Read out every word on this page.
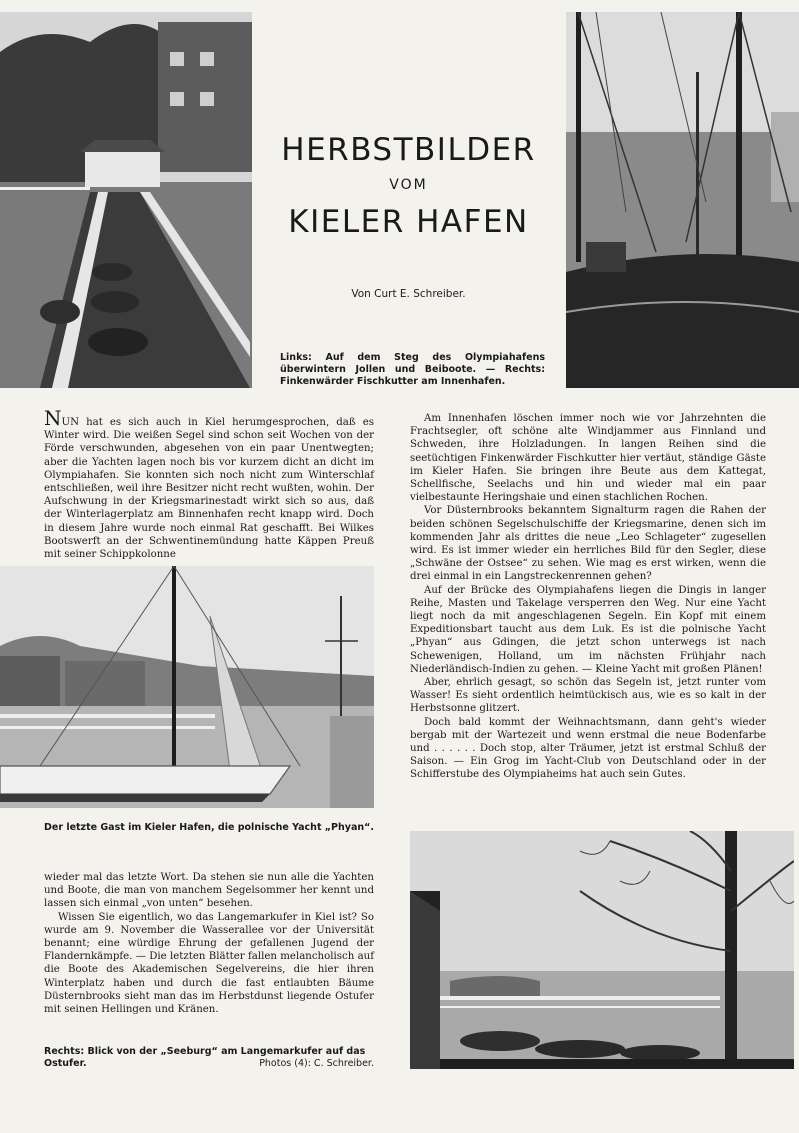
HERBSTBILDER
VOM
KIELER HAFEN
Von Curt E. Schreiber.
Links: Auf dem Steg des Olympiahafens überwintern Jollen und Beiboote. — Rechts: Finkenwärder Fischkutter am Innenhafen.

NUN hat es sich auch in Kiel herumgesprochen, daß es Winter wird. Die weißen Segel sind schon seit Wochen von der Förde verschwunden, abgesehen von ein paar Unentwegten; aber die Yachten lagen noch bis vor kurzem dicht an dicht im Olympiahafen. Sie konnten sich noch nicht zum Winterschlaf entschließen, weil ihre Besitzer nicht recht wußten, wohin. Der Aufschwung in der Kriegsmarinestadt wirkt sich so aus, daß der Winterlagerplatz am Binnenhafen recht knapp wird. Doch in diesem Jahre wurde noch einmal Rat geschafft. Bei Wilkes Bootswerft an der Schwentinemündung hatte Käppen Preuß mit seiner Schippkolonne

Der letzte Gast im Kieler Hafen, die polnische Yacht „Phyan“.

wieder mal das letzte Wort. Da stehen sie nun alle die Yachten und Boote, die man von manchem Segelsommer her kennt und lassen sich einmal „von unten“ besehen.

Wissen Sie eigentlich, wo das Langemarkufer in Kiel ist? So wurde am 9. November die Wasserallee vor der Universität benannt; eine würdige Ehrung der gefallenen Jugend der Flandernkämpfe. — Die letzten Blätter fallen melancholisch auf die Boote des Akademischen Segelvereins, die hier ihren Winterplatz haben und durch die fast entlaubten Bäume Düsternbrooks sieht man das im Herbstdunst liegende Ostufer mit seinen Hellingen und Kränen.

Rechts: Blick von der „Seeburg“ am Langemarkufer auf das Ostufer.	Photos (4): C. Schreiber.

Am Innenhafen löschen immer noch wie vor Jahrzehnten die Frachtsegler, oft schöne alte Windjammer aus Finnland und Schweden, ihre Holzladungen. In langen Reihen sind die seetüchtigen Finkenwärder Fischkutter hier vertäut, ständige Gäste im Kieler Hafen. Sie bringen ihre Beute aus dem Kattegat, Schellfische, Seelachs und hin und wieder mal ein paar vielbestaunte Heringshaie und einen stachlichen Rochen.

Vor Düsternbrooks bekanntem Signalturm ragen die Rahen der beiden schönen Segelschulschiffe der Kriegsmarine, denen sich im kommenden Jahr als drittes die neue „Leo Schlageter“ zugesellen wird. Es ist immer wieder ein herrliches Bild für den Segler, diese „Schwäne der Ostsee“ zu sehen. Wie mag es erst wirken, wenn die drei einmal in ein Langstreckenrennen gehen?

Auf der Brücke des Olympiahafens liegen die Dingis in langer Reihe, Masten und Takelage versperren den Weg. Nur eine Yacht liegt noch da mit angeschlagenen Segeln. Ein Kopf mit einem Expeditionsbart taucht aus dem Luk. Es ist die polnische Yacht „Phyan“ aus Gdingen, die jetzt schon unterwegs ist nach Schewenigen, Holland, um im nächsten Frühjahr nach Niederländisch-Indien zu gehen. — Kleine Yacht mit großen Plänen!

Aber, ehrlich gesagt, so schön das Segeln ist, jetzt runter vom Wasser! Es sieht ordentlich heimtückisch aus, wie es so kalt in der Herbstsonne glitzert.

Doch bald kommt der Weihnachtsmann, dann geht's wieder bergab mit der Wartezeit und wenn erstmal die neue Bodenfarbe und . . . . . . Doch stop, alter Träumer, jetzt ist erstmal Schluß der Saison. — Ein Grog im Yacht-Club von Deutschland oder in der Schifferstube des Olympiaheims hat auch sein Gutes.
